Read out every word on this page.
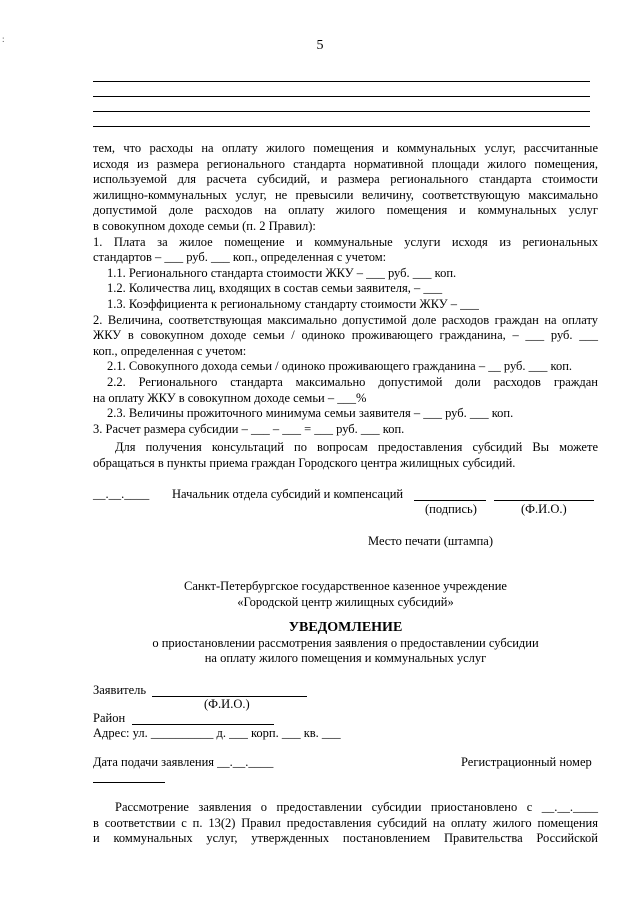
:	5
тем, что расходы на оплату жилого помещения и коммунальных услуг, рассчитанные
исходя из размера регионального стандарта нормативной площади жилого помещения,
используемой для расчета субсидий, и размера регионального стандарта стоимости
жилищно-коммунальных услуг, не превысили величину, соответствующую максимально
допустимой доле расходов на оплату жилого помещения и коммунальных услуг
в совокупном доходе семьи (п. 2 Правил):
1. Плата за жилое помещение и коммунальные услуги исходя из региональных
стандартов – ___ руб. ___ коп., определенная с учетом:
1.1. Регионального стандарта стоимости ЖКУ – ___ руб. ___ коп.
1.2. Количества лиц, входящих в состав семьи заявителя, – ___
1.3. Коэффициента к региональному стандарту стоимости ЖКУ – ___
2. Величина, соответствующая максимально допустимой доле расходов граждан на оплату
ЖКУ в совокупном доходе семьи / одиноко проживающего гражданина, – ___ руб. ___
коп., определенная с учетом:
2.1. Совокупного дохода семьи / одиноко проживающего гражданина – __ руб. ___ коп.
2.2. Регионального стандарта максимально допустимой доли расходов граждан
на оплату ЖКУ в совокупном доходе семьи – ___%
2.3. Величины прожиточного минимума семьи заявителя – ___ руб. ___ коп.
3. Расчет размера субсидии – ___ – ___ = ___ руб. ___ коп.
Для получения консультаций по вопросам предоставления субсидий Вы можете
обращаться в пункты приема граждан Городского центра жилищных субсидий.
__.__.____ Начальник отдела субсидий и компенсаций
(подпись)	(Ф.И.О.)
Место печати (штампа)
Санкт-Петербургское государственное казенное учреждение
«Городской центр жилищных субсидий»
УВЕДОМЛЕНИЕ
о приостановлении рассмотрения заявления о предоставлении субсидии
на оплату жилого помещения и коммунальных услуг
Заявитель
(Ф.И.О.)
Район
Адрес: ул. __________ д. ___ корп. ___ кв. ___
Дата подачи заявления __.__.____	Регистрационный номер
Рассмотрение заявления о предоставлении субсидии приостановлено с __.__.____
в соответствии с п. 13(2) Правил предоставления субсидий на оплату жилого помещения
и коммунальных услуг, утвержденных постановлением Правительства Российской
